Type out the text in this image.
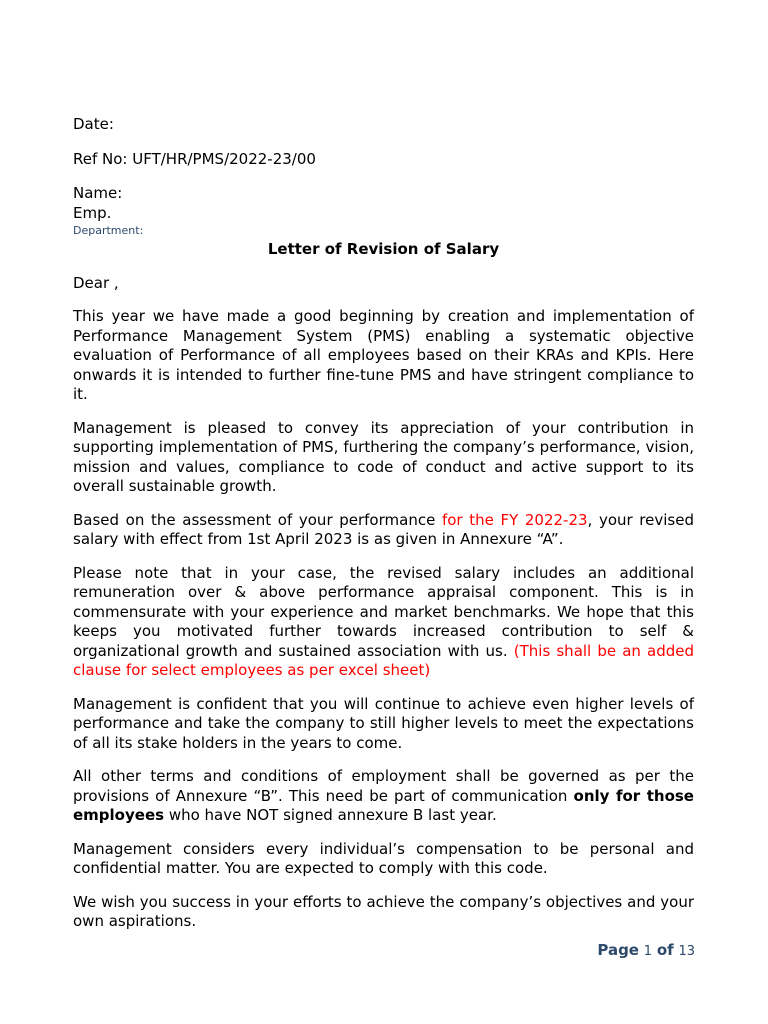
Date:
Ref No: UFT/HR/PMS/2022-23/00
Name:
Emp.
Department:
Letter of Revision of Salary
Dear ,

This year we have made a good beginning by creation and implementation of Performance Management System (PMS) enabling a systematic objective evaluation of Performance of all employees based on their KRAs and KPIs. Here onwards it is intended to further fine-tune PMS and have stringent compliance to it.

Management is pleased to convey its appreciation of your contribution in supporting implementation of PMS, furthering the company’s performance, vision, mission and values, compliance to code of conduct and active support to its overall sustainable growth.

Based on the assessment of your performance for the FY 2022-23, your revised salary with effect from 1st April 2023 is as given in Annexure “A”.

Please note that in your case, the revised salary includes an additional remuneration over & above performance appraisal component. This is in commensurate with your experience and market benchmarks. We hope that this keeps you motivated further towards increased contribution to self & organizational growth and sustained association with us. (This shall be an added clause for select employees as per excel sheet)

Management is confident that you will continue to achieve even higher levels of performance and take the company to still higher levels to meet the expectations of all its stake holders in the years to come.

All other terms and conditions of employment shall be governed as per the provisions of Annexure “B”. This need be part of communication only for those employees who have NOT signed annexure B last year.

Management considers every individual’s compensation to be personal and confidential matter. You are expected to comply with this code.

We wish you success in your efforts to achieve the company’s objectives and your own aspirations.

Page 1 of 13
